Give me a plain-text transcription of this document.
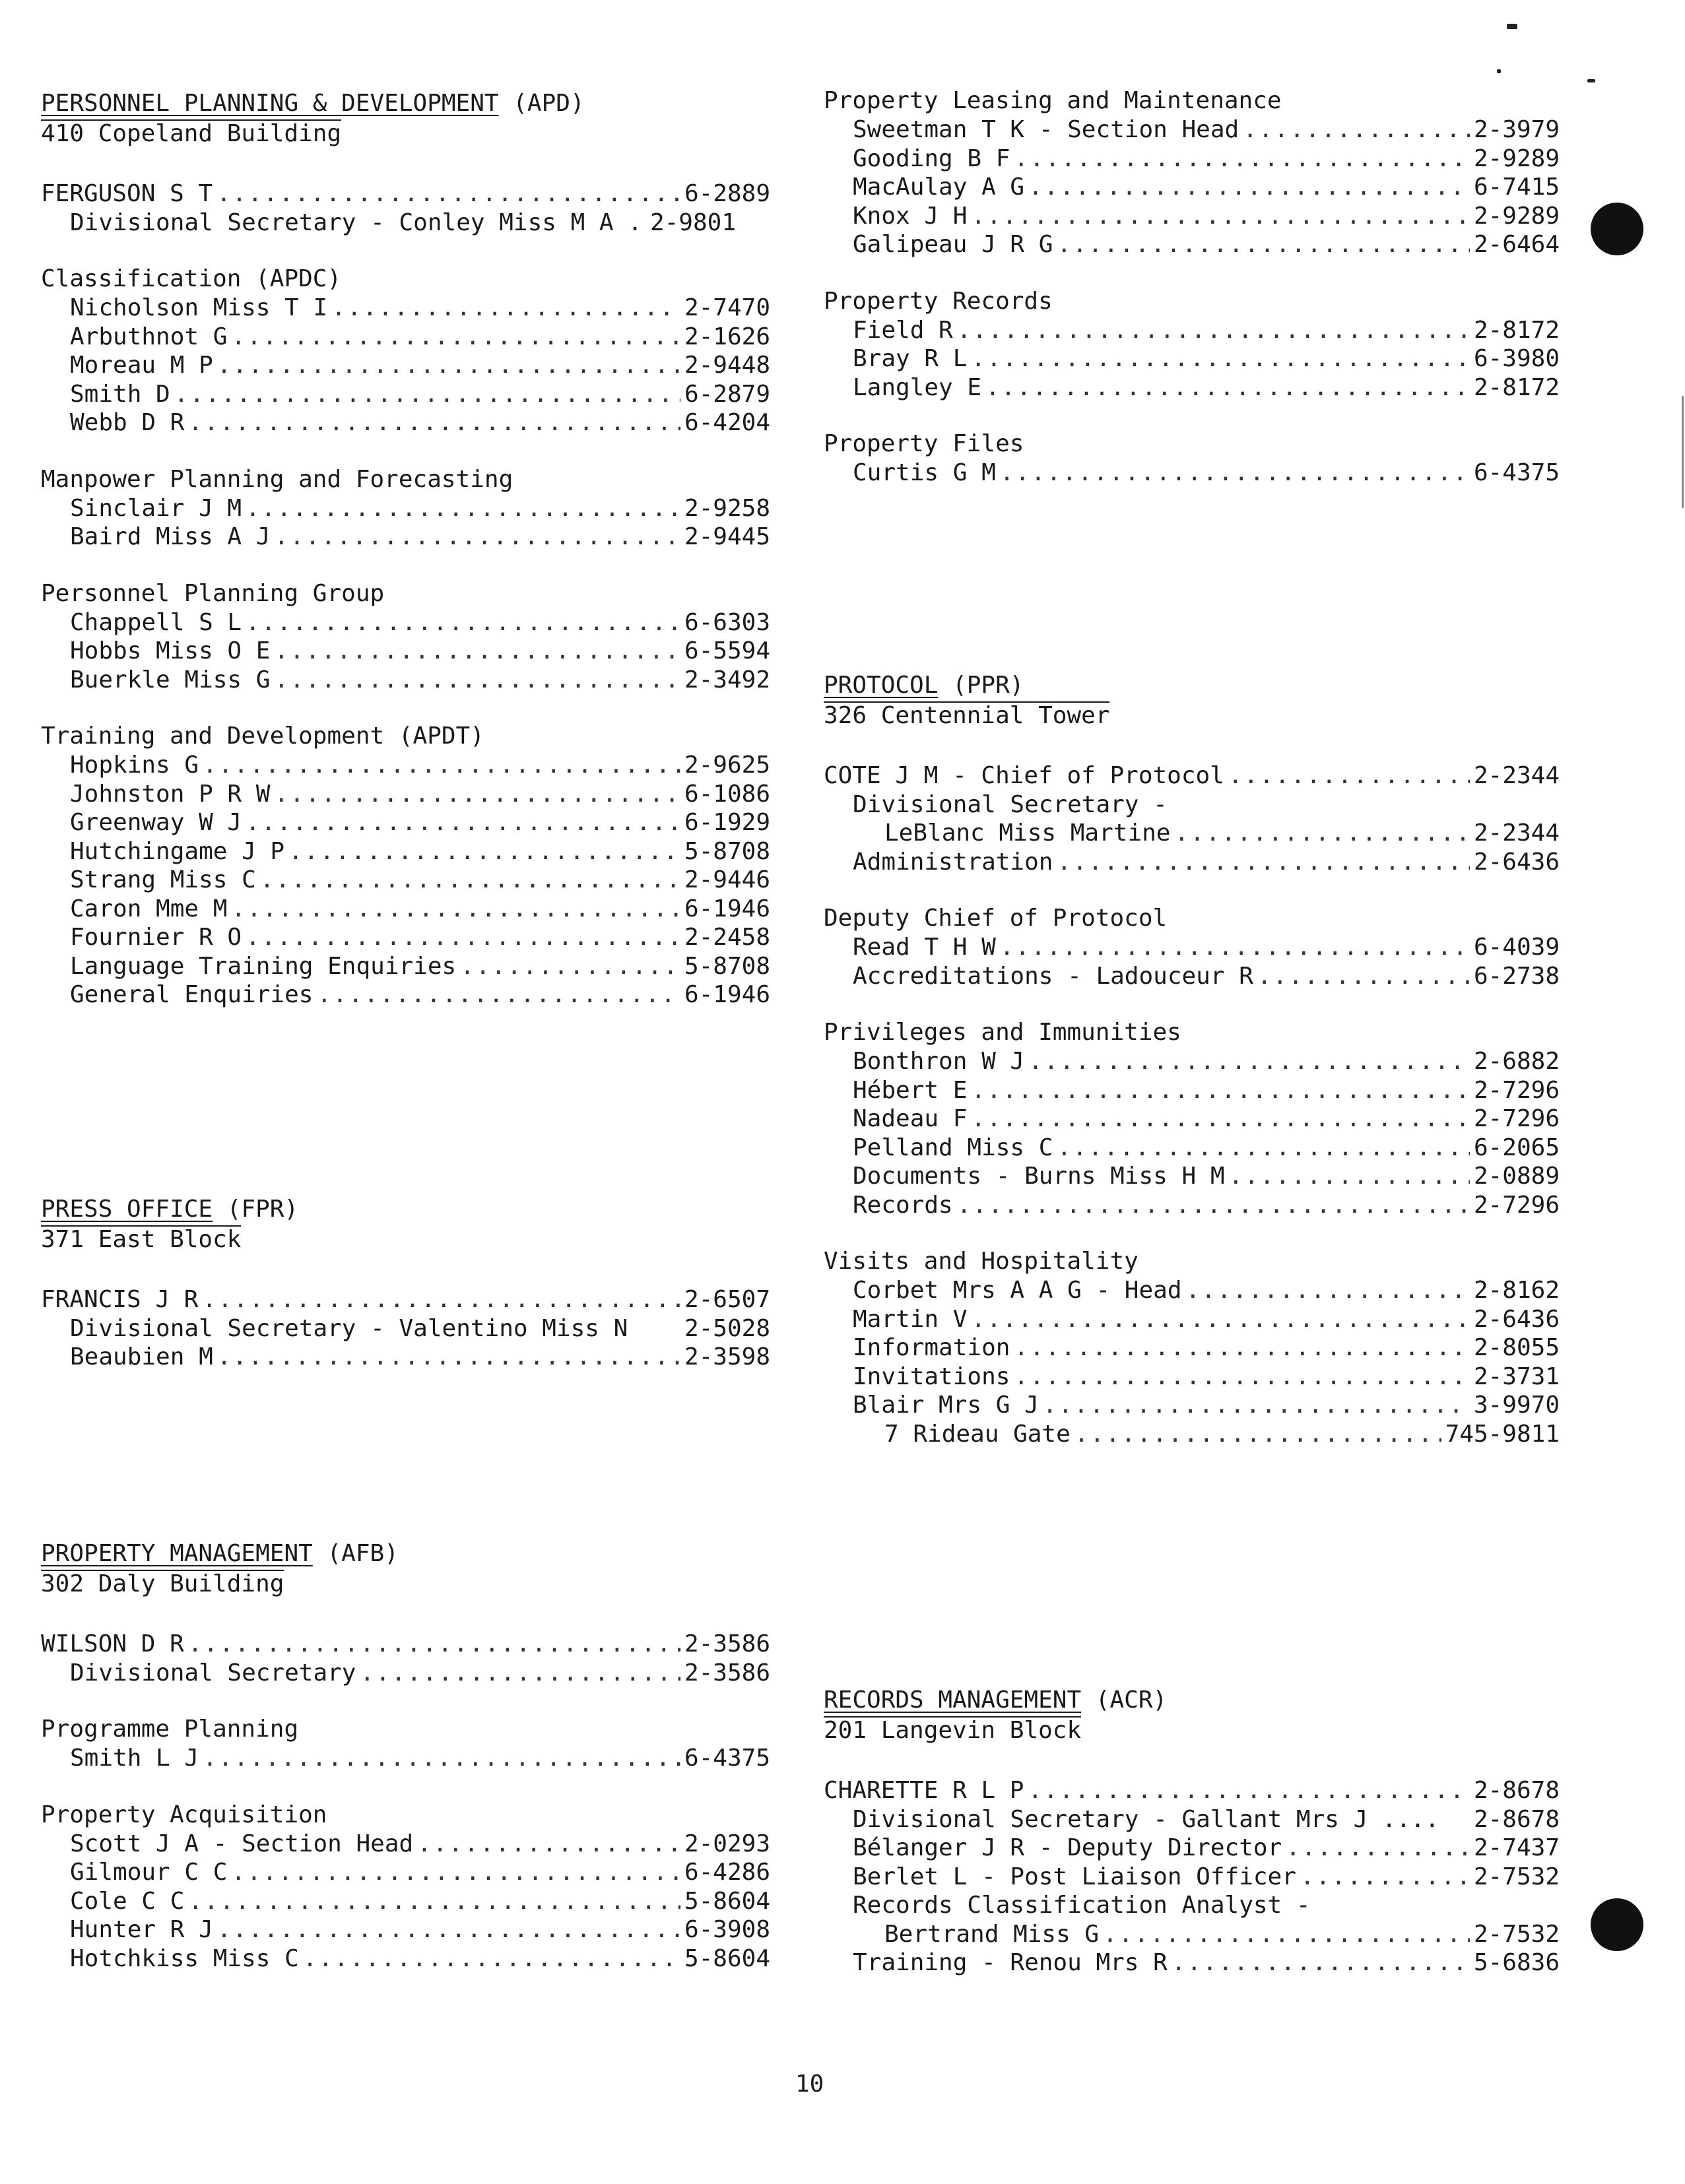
PERSONNEL PLANNING & DEVELOPMENT (APD)
410 Copeland Building
FERGUSON S T .....	6-2889
Divisional Secretary - Conley Miss M A . 2-9801
Classification (APDC)
Nicholson Miss T I .....	2-7470
Arbuthnot G .....	2-1626
Moreau M P .....	2-9448
Smith D .....	6-2879
Webb D R .....	6-4204
Manpower Planning and Forecasting
Sinclair J M .....	2-9258
Baird Miss A J .....	2-9445
Personnel Planning Group
Chappell S L .....	6-6303
Hobbs Miss O E .....	6-5594
Buerkle Miss G .....	2-3492
Training and Development (APDT)
Hopkins G .....	2-9625
Johnston P R W .....	6-1086
Greenway W J .....	6-1929
Hutchingame J P .....	5-8708
Strang Miss C .....	2-9446
Caron Mme M .....	6-1946
Fournier R O .....	2-2458
Language Training Enquiries .....	5-8708
General Enquiries .....	6-1946
PRESS OFFICE (FPR)
371 East Block
FRANCIS J R .....	2-6507
Divisional Secretary - Valentino Miss N 2-5028
Beaubien M .....	2-3598
PROPERTY MANAGEMENT (AFB)
302 Daly Building
WILSON D R .....	2-3586
Divisional Secretary .....	2-3586
Programme Planning
Smith L J .....	6-4375
Property Acquisition
Scott J A - Section Head .....	2-0293
Gilmour C C .....	6-4286
Cole C C .....	5-8604
Hunter R J .....	6-3908
Hotchkiss Miss C .....	5-8604
Property Leasing and Maintenance
Sweetman T K - Section Head .....	2-3979
Gooding B F .....	2-9289
MacAulay A G .....	6-7415
Knox J H .....	2-9289
Galipeau J R G .....	2-6464
Property Records
Field R .....	2-8172
Bray R L .....	6-3980
Langley E .....	2-8172
Property Files
Curtis G M .....	6-4375
PROTOCOL (PPR)
326 Centennial Tower
COTE J M - Chief of Protocol .....	2-2344
Divisional Secretary -
LeBlanc Miss Martine .....	2-2344
Administration .....	2-6436
Deputy Chief of Protocol
Read T H W .....	6-4039
Accreditations - Ladouceur R .....	6-2738
Privileges and Immunities
Bonthron W J .....	2-6882
Hébert E .....	2-7296
Nadeau F .....	2-7296
Pelland Miss C .....	6-2065
Documents - Burns Miss H M .....	2-0889
Records .....	2-7296
Visits and Hospitality
Corbet Mrs A A G - Head .....	2-8162
Martin V .....	2-6436
Information .....	2-8055
Invitations .....	2-3731
Blair Mrs G J .....	3-9970
7 Rideau Gate .....	745-9811
RECORDS MANAGEMENT (ACR)
201 Langevin Block
CHARETTE R L P .....	2-8678
Divisional Secretary - Gallant Mrs J .... 2-8678
Bélanger J R - Deputy Director .....	2-7437
Berlet L - Post Liaison Officer .....	2-7532
Records Classification Analyst -
Bertrand Miss G .....	2-7532
Training - Renou Mrs R .....	5-6836
10
